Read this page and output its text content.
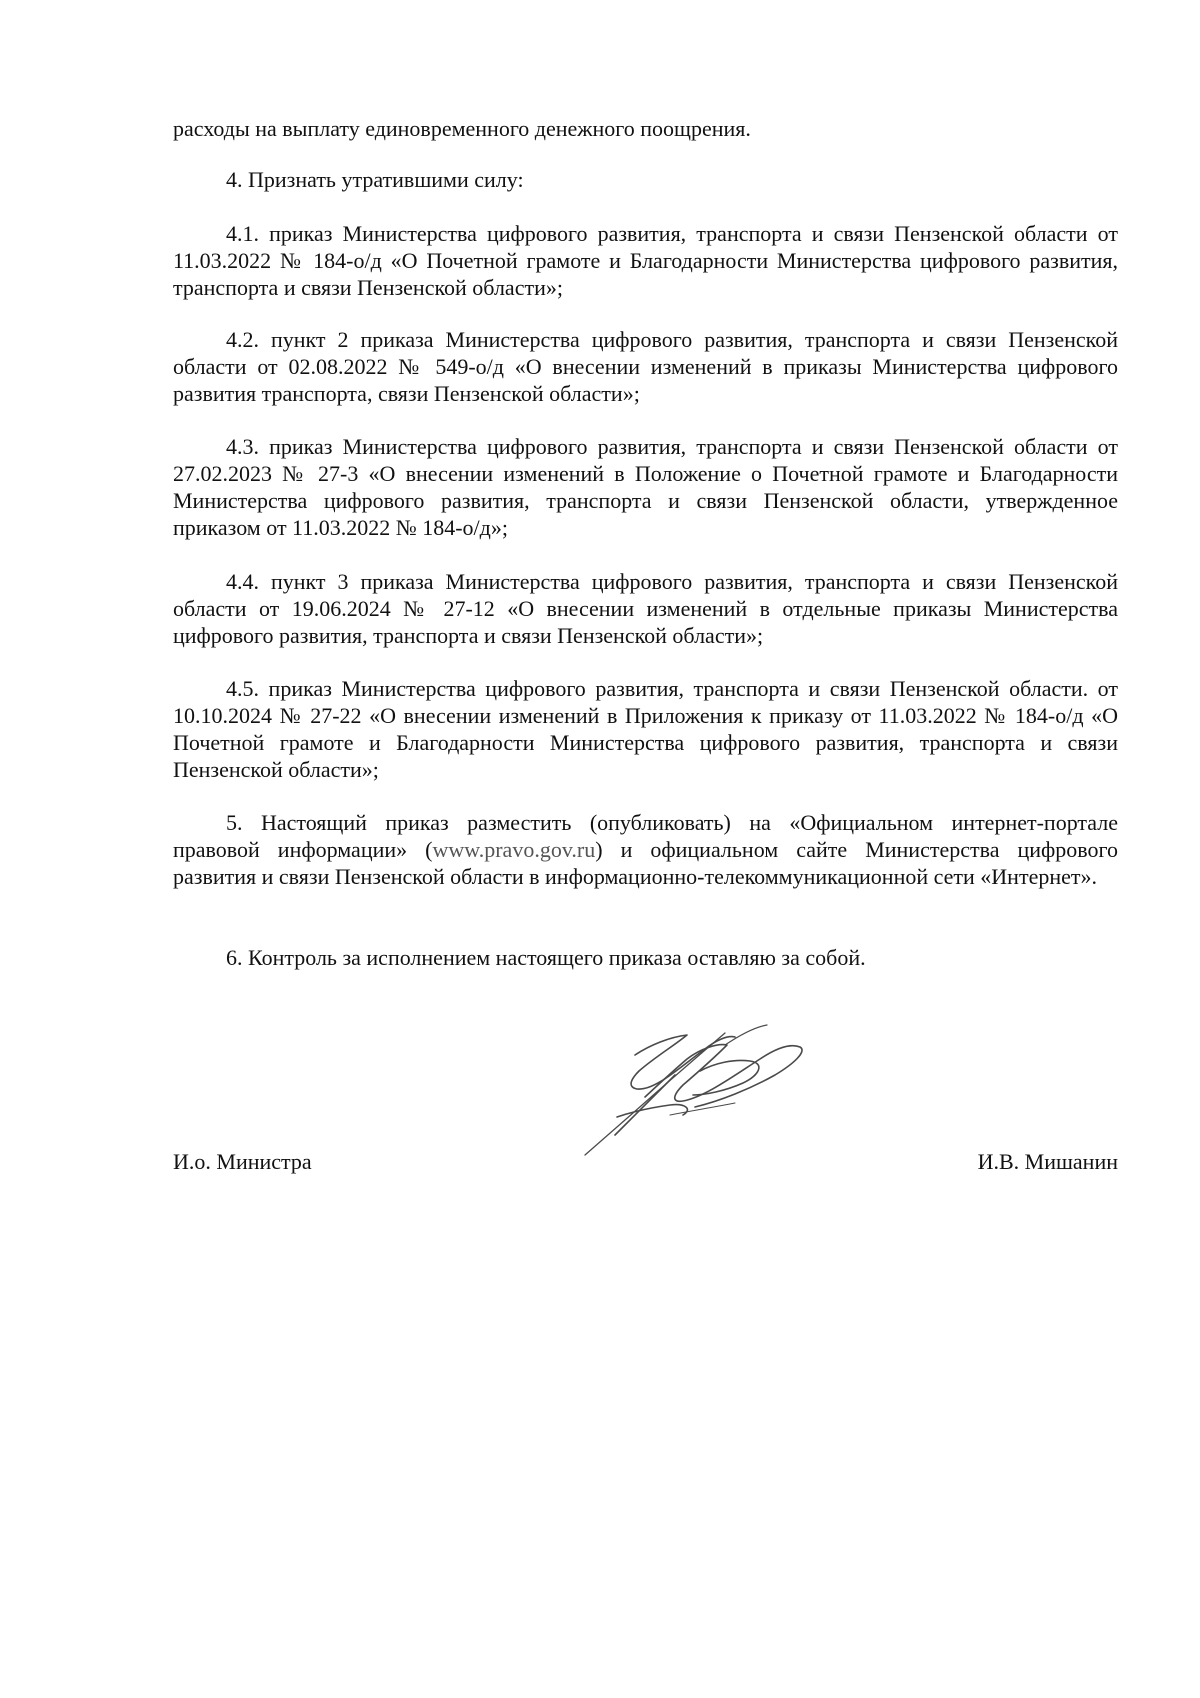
расходы на выплату единовременного денежного поощрения.

4. Признать утратившими силу:

4.1. приказ Министерства цифрового развития, транспорта и связи Пензенской области от 11.03.2022 № 184-о/д «О Почетной грамоте и Благодарности Министерства цифрового развития, транспорта и связи Пензенской области»;

4.2. пункт 2 приказа Министерства цифрового развития, транспорта и связи Пензенской области от 02.08.2022 № 549-о/д «О внесении изменений в приказы Министерства цифрового развития транспорта, связи Пензенской области»;

4.3. приказ Министерства цифрового развития, транспорта и связи Пензенской области от 27.02.2023 № 27-3 «О внесении изменений в Положение о Почетной грамоте и Благодарности Министерства цифрового развития, транспорта и связи Пензенской области, утвержденное приказом от 11.03.2022 № 184-о/д»;

4.4. пункт 3 приказа Министерства цифрового развития, транспорта и связи Пензенской области от 19.06.2024 № 27-12 «О внесении изменений в отдельные приказы Министерства цифрового развития, транспорта и связи Пензенской области»;

4.5. приказ Министерства цифрового развития, транспорта и связи Пензенской области. от 10.10.2024 № 27-22 «О внесении изменений в Приложения к приказу от 11.03.2022 № 184-о/д «О Почетной грамоте и Благодарности Министерства цифрового развития, транспорта и связи Пензенской области»;

5. Настоящий приказ разместить (опубликовать) на «Официальном интернет-портале правовой информации» (www.pravo.gov.ru) и официальном сайте Министерства цифрового развития и связи Пензенской области в информационно-телекоммуникационной сети «Интернет».

6. Контроль за исполнением настоящего приказа оставляю за собой.

И.о. Министра	И.В. Мишанин
